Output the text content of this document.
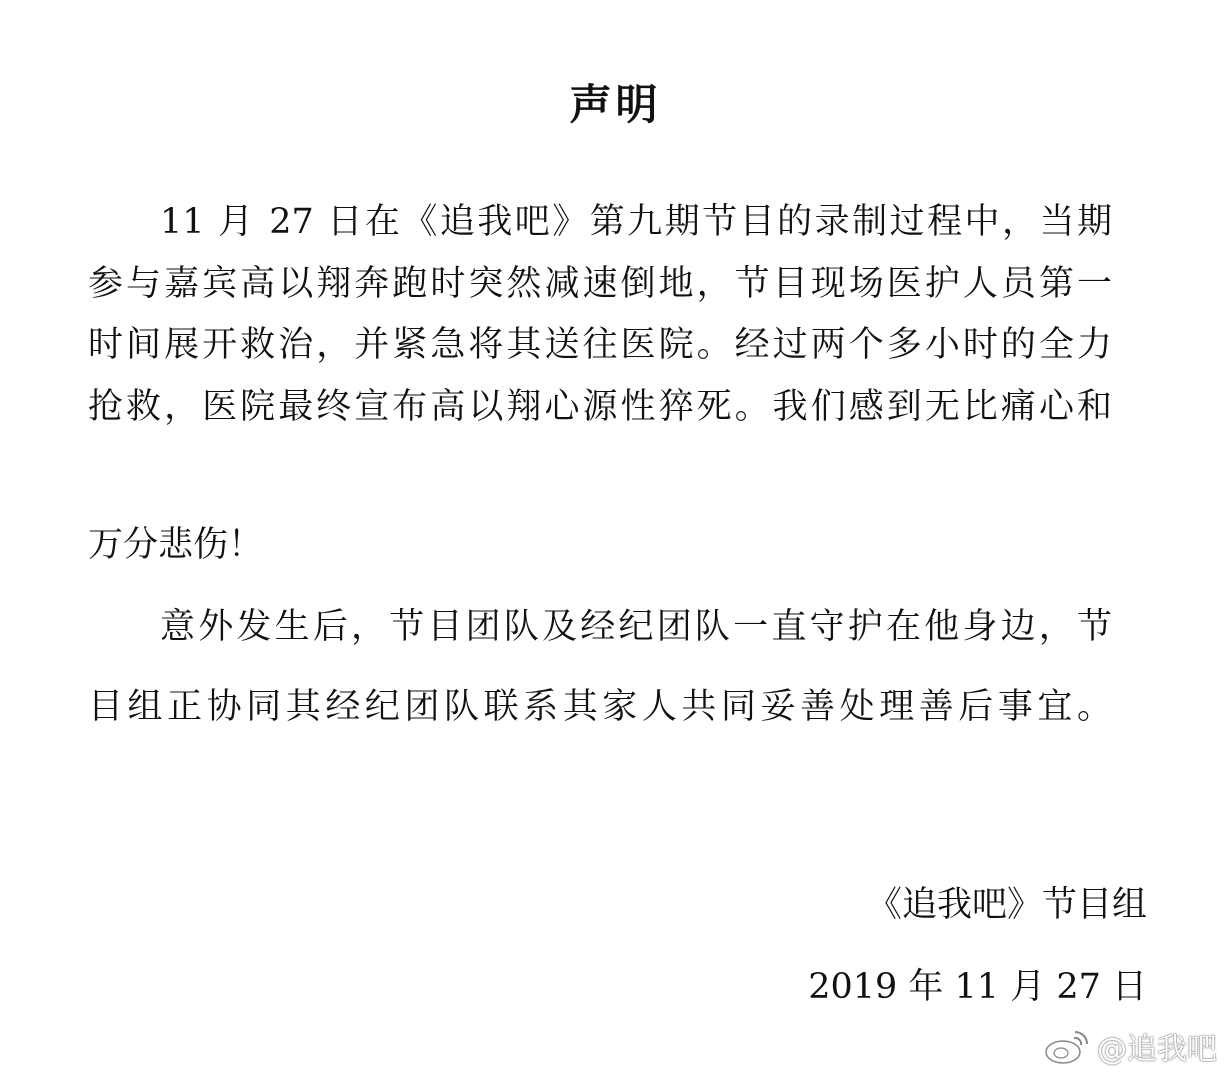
声明
11 月 27 日在《追我吧》第九期节目的录制过程中，当期
参与嘉宾高以翔奔跑时突然减速倒地，节目现场医护人员第一
时间展开救治，并紧急将其送往医院。经过两个多小时的全力
抢救，医院最终宣布高以翔心源性猝死。我们感到无比痛心和
万分悲伤！
意外发生后，节目团队及经纪团队一直守护在他身边，节
目组正协同其经纪团队联系其家人共同妥善处理善后事宜。
《追我吧》节目组
2019 年 11 月 27 日
@追我吧
